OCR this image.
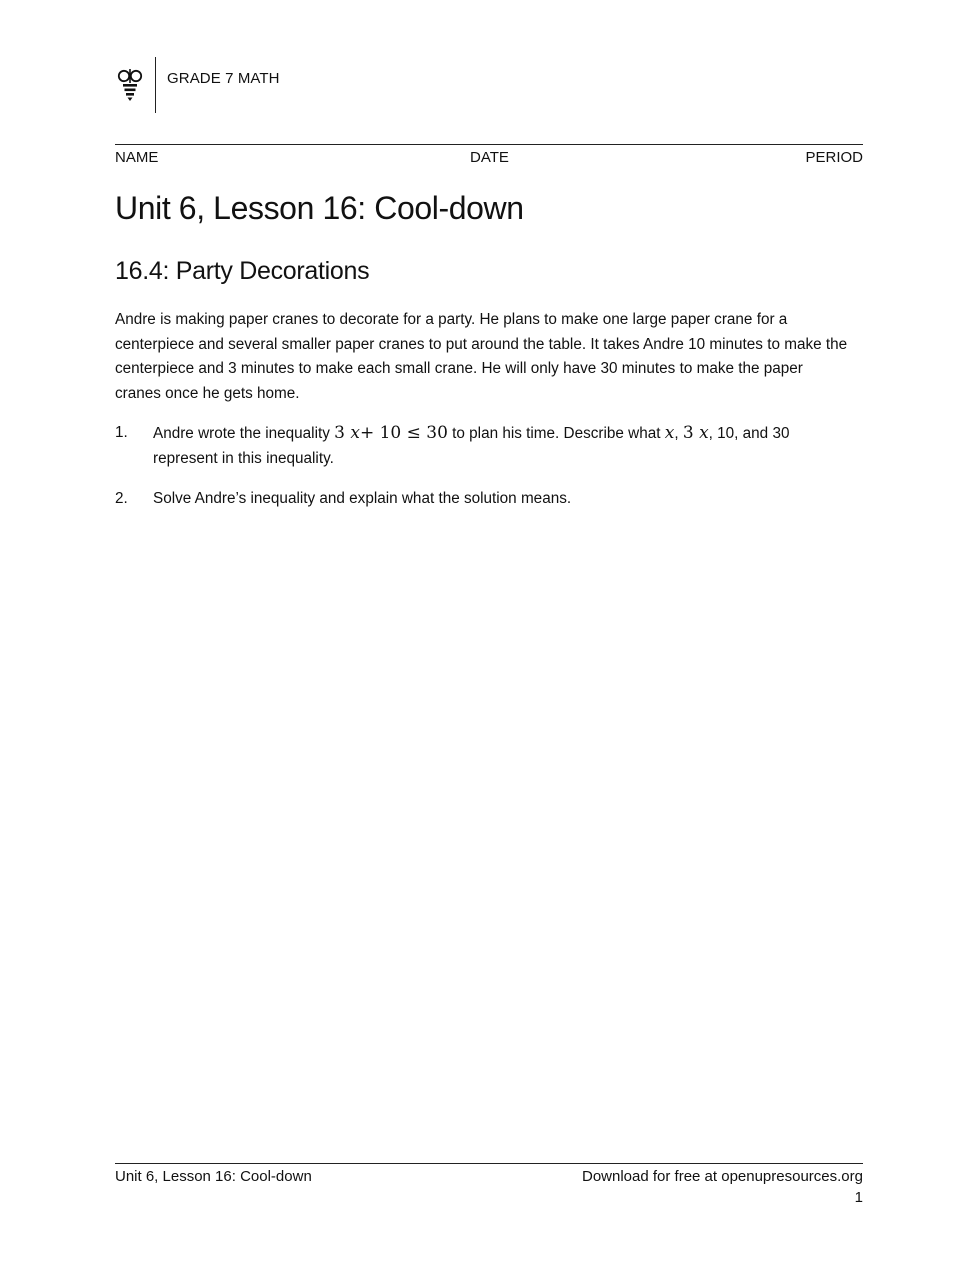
GRADE 7 MATH
NAME	DATE	PERIOD
Unit 6, Lesson 16: Cool-down
16.4: Party Decorations

Andre is making paper cranes to decorate for a party. He plans to make one large paper crane for a centerpiece and several smaller paper cranes to put around the table. It takes Andre 10 minutes to make the centerpiece and 3 minutes to make each small crane. He will only have 30 minutes to make the paper cranes once he gets home.

1.	Andre wrote the inequality 3 x+ 10 ≤ 30 to plan his time. Describe what x, 3 x, 10, and 30 represent in this inequality.
2.	Solve Andre’s inequality and explain what the solution means.
Unit 6, Lesson 16: Cool-down	Download for free at openupresources.org
1
